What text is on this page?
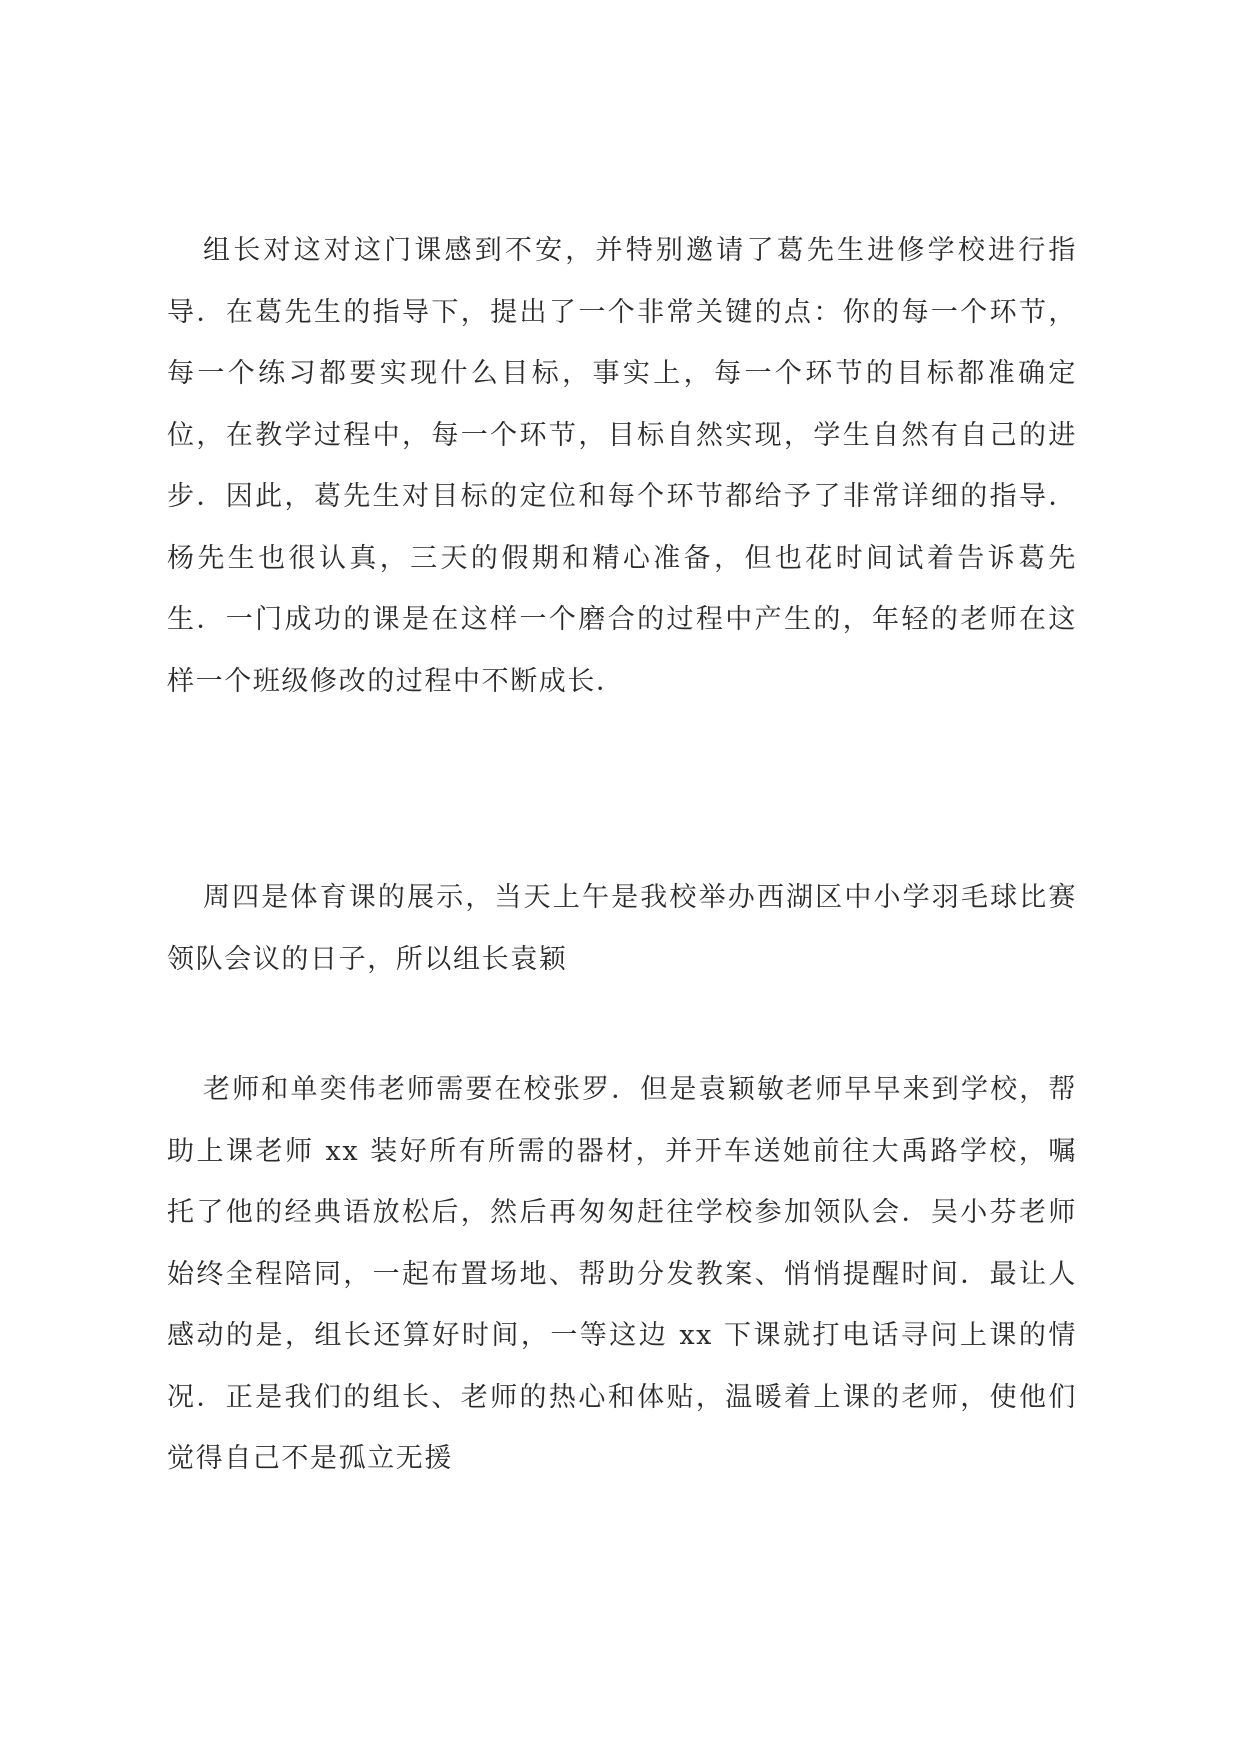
组长对这对这门课感到不安，并特别邀请了葛先生进修学校进行指导．在葛先生的指导下，提出了一个非常关键的点：你的每一个环节，每一个练习都要实现什么目标，事实上，每一个环节的目标都准确定位，在教学过程中，每一个环节，目标自然实现，学生自然有自己的进步．因此，葛先生对目标的定位和每个环节都给予了非常详细的指导．杨先生也很认真，三天的假期和精心准备，但也花时间试着告诉葛先生．一门成功的课是在这样一个磨合的过程中产生的，年轻的老师在这样一个班级修改的过程中不断成长．

周四是体育课的展示，当天上午是我校举办西湖区中小学羽毛球比赛领队会议的日子，所以组长袁颖

老师和单奕伟老师需要在校张罗．但是袁颖敏老师早早来到学校，帮助上课老师 xx 装好所有所需的器材，并开车送她前往大禹路学校，嘱托了他的经典语放松后，然后再匆匆赶往学校参加领队会．吴小芬老师始终全程陪同，一起布置场地、帮助分发教案、悄悄提醒时间．最让人感动的是，组长还算好时间，一等这边 xx 下课就打电话寻问上课的情况．正是我们的组长、老师的热心和体贴，温暖着上课的老师，使他们觉得自己不是孤立无援
